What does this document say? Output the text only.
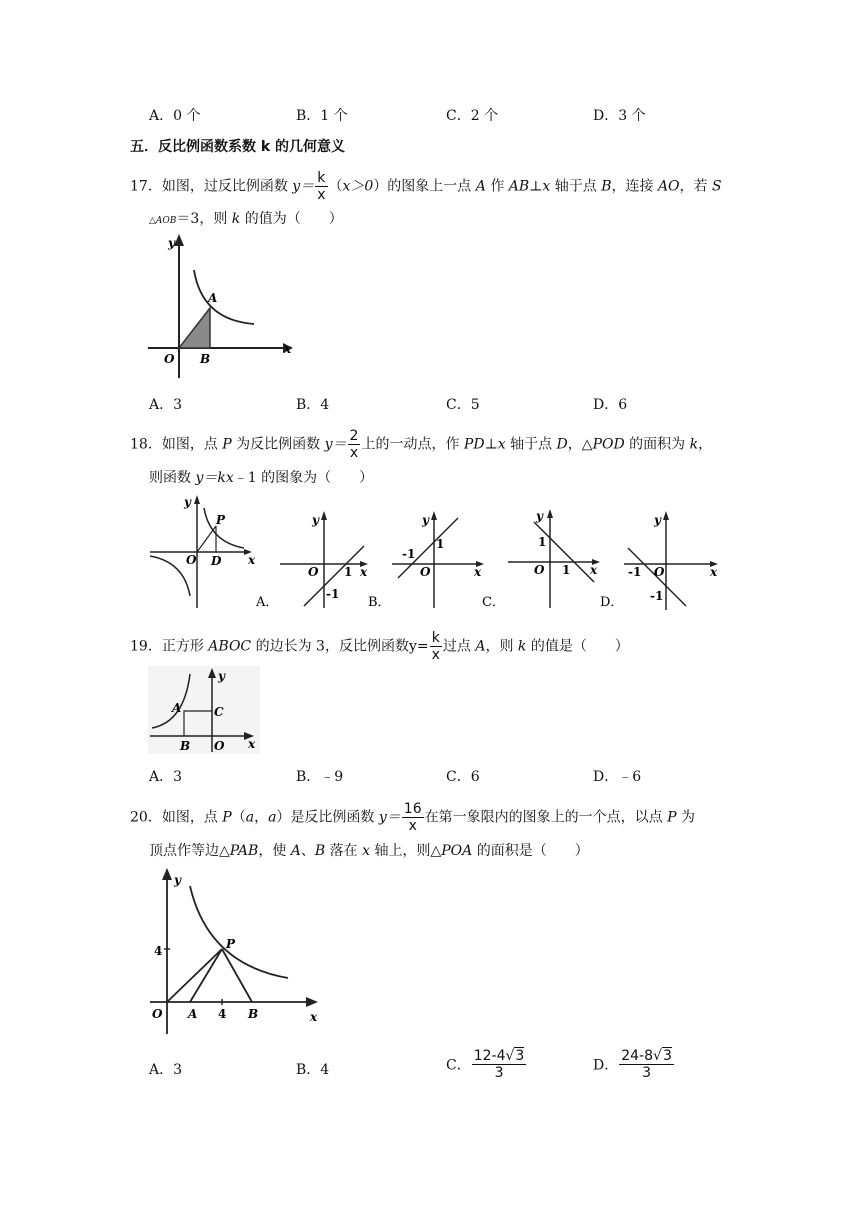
A．0 个	B．1 个	C．2 个	D．3 个
五．反比例函数系数 k 的几何意义
17．如图，过反比例函数 $y= \frac{k}{x} (x>0)$的图象上一点 A 作 AB⊥x 轴于点 B，连接 AO，若 S
△AOB＝3，则 k 的值为（　　）
y
x
O
A
B
A．3	B．4	C．5	D．6
18．如图，点 P 为反比例函数 $y= \frac{2}{x}$ 上的一动点，作 PD⊥x 轴于点 D，△POD 的面积为 k，
则函数 y＝kx﹣1 的图象为（　　）
y
x
O
P
D
A．
y
x
O 1
-1
B．
y
x
O
1
-1
C．
y
x
O
1
1
D．
y
x
O
-1
-1
19．正方形 ABOC 的边长为 3，反比例函数$y= \frac{k}{x}$ 过点 A，则 k 的值是（　　）
y
x
A	C
B O
A．3	B．﹣9	C．6	D．﹣6
20．如图，点 P（a，a）是反比例函数 $y= \frac{16}{x}$ 在第一象限内的图象上的一个点，以点 P 为
顶点作等边△PAB，使 A、B 落在 x 轴上，则△POA 的面积是（　　）
y
x
O A	B
P
4
4
A．3	B．4	C． $\frac{12-4√3}{3}$	D． $\frac{24-8√3}{3}$
